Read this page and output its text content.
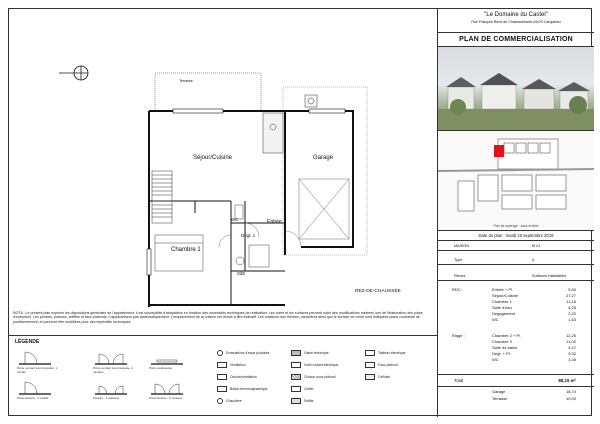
Terrasse
Séjour/Cuisine	Garage
Chambre 1
Entrée
WC
Dégt. 1
SdE
REZ-DE-CHAUSSÉE
NOTA : Le présent plan exprime les dispositions générales de l'appartement, il est susceptible d'adaptation en fonction des nécessités techniques de réalisation. Les cotes et les surfaces peuvent subir des modifications minimes lors de l'élaboration des plans d'exécution. Les poutres, poteaux, soffites et faux-plafonds, n'apparaissent pas systématiquement. L'emplacement de la cuisine est donné à titre indicatif. Les cotations des trémies, caractères ainsi que le surface de vente sont indiquées (sans contrainte de positionnement) et pourront être modifiées pour des impératifs techniques.
LÉGENDE
Porte ouvrant à la française, 1 vantail
Porte ouvrant à la française, 2 vantaux
Porte coulissante
Porte-fenêtre - 1 vantail	Fenêtre - 2 vantaux	Porte-fenêtre - 2 vantaux
Evacuations d'eaux pluviales
Ventilation
Oculus/ventilation
Ballon thermodynamique
Chaudière
Gaine technique
Volet roulant électrique
Cloison sous plafond
Cellier
Soffite
Tableau électrique
Faux-plafond
Cellules
"Le Domaine du Castel"
Rue François René de Chateaubriand 44470 Carquefou
PLAN DE COMMERCIALISATION
Plan de repérage - sans échelle
Date du plan : mardi 10 septembre 2019
MAISON	M 01
Type	4
Pièces	Surfaces Habitables
RDC:	Entrée + Pl.	5,50
Séjour/Cuisine	27,27
Chambre 1	11,16
Salle d'eau	4,25
Dégagement	2,20
WC	1,63
Étage :	Chambre 2 + Pl.	12,26
Chambre 3	11,02
Salle de bains	4,47
Dégt. + Pl.	9,32
WC	1,06
Total	88,15 m²
Garage	18,74
Terrasse	10,00
